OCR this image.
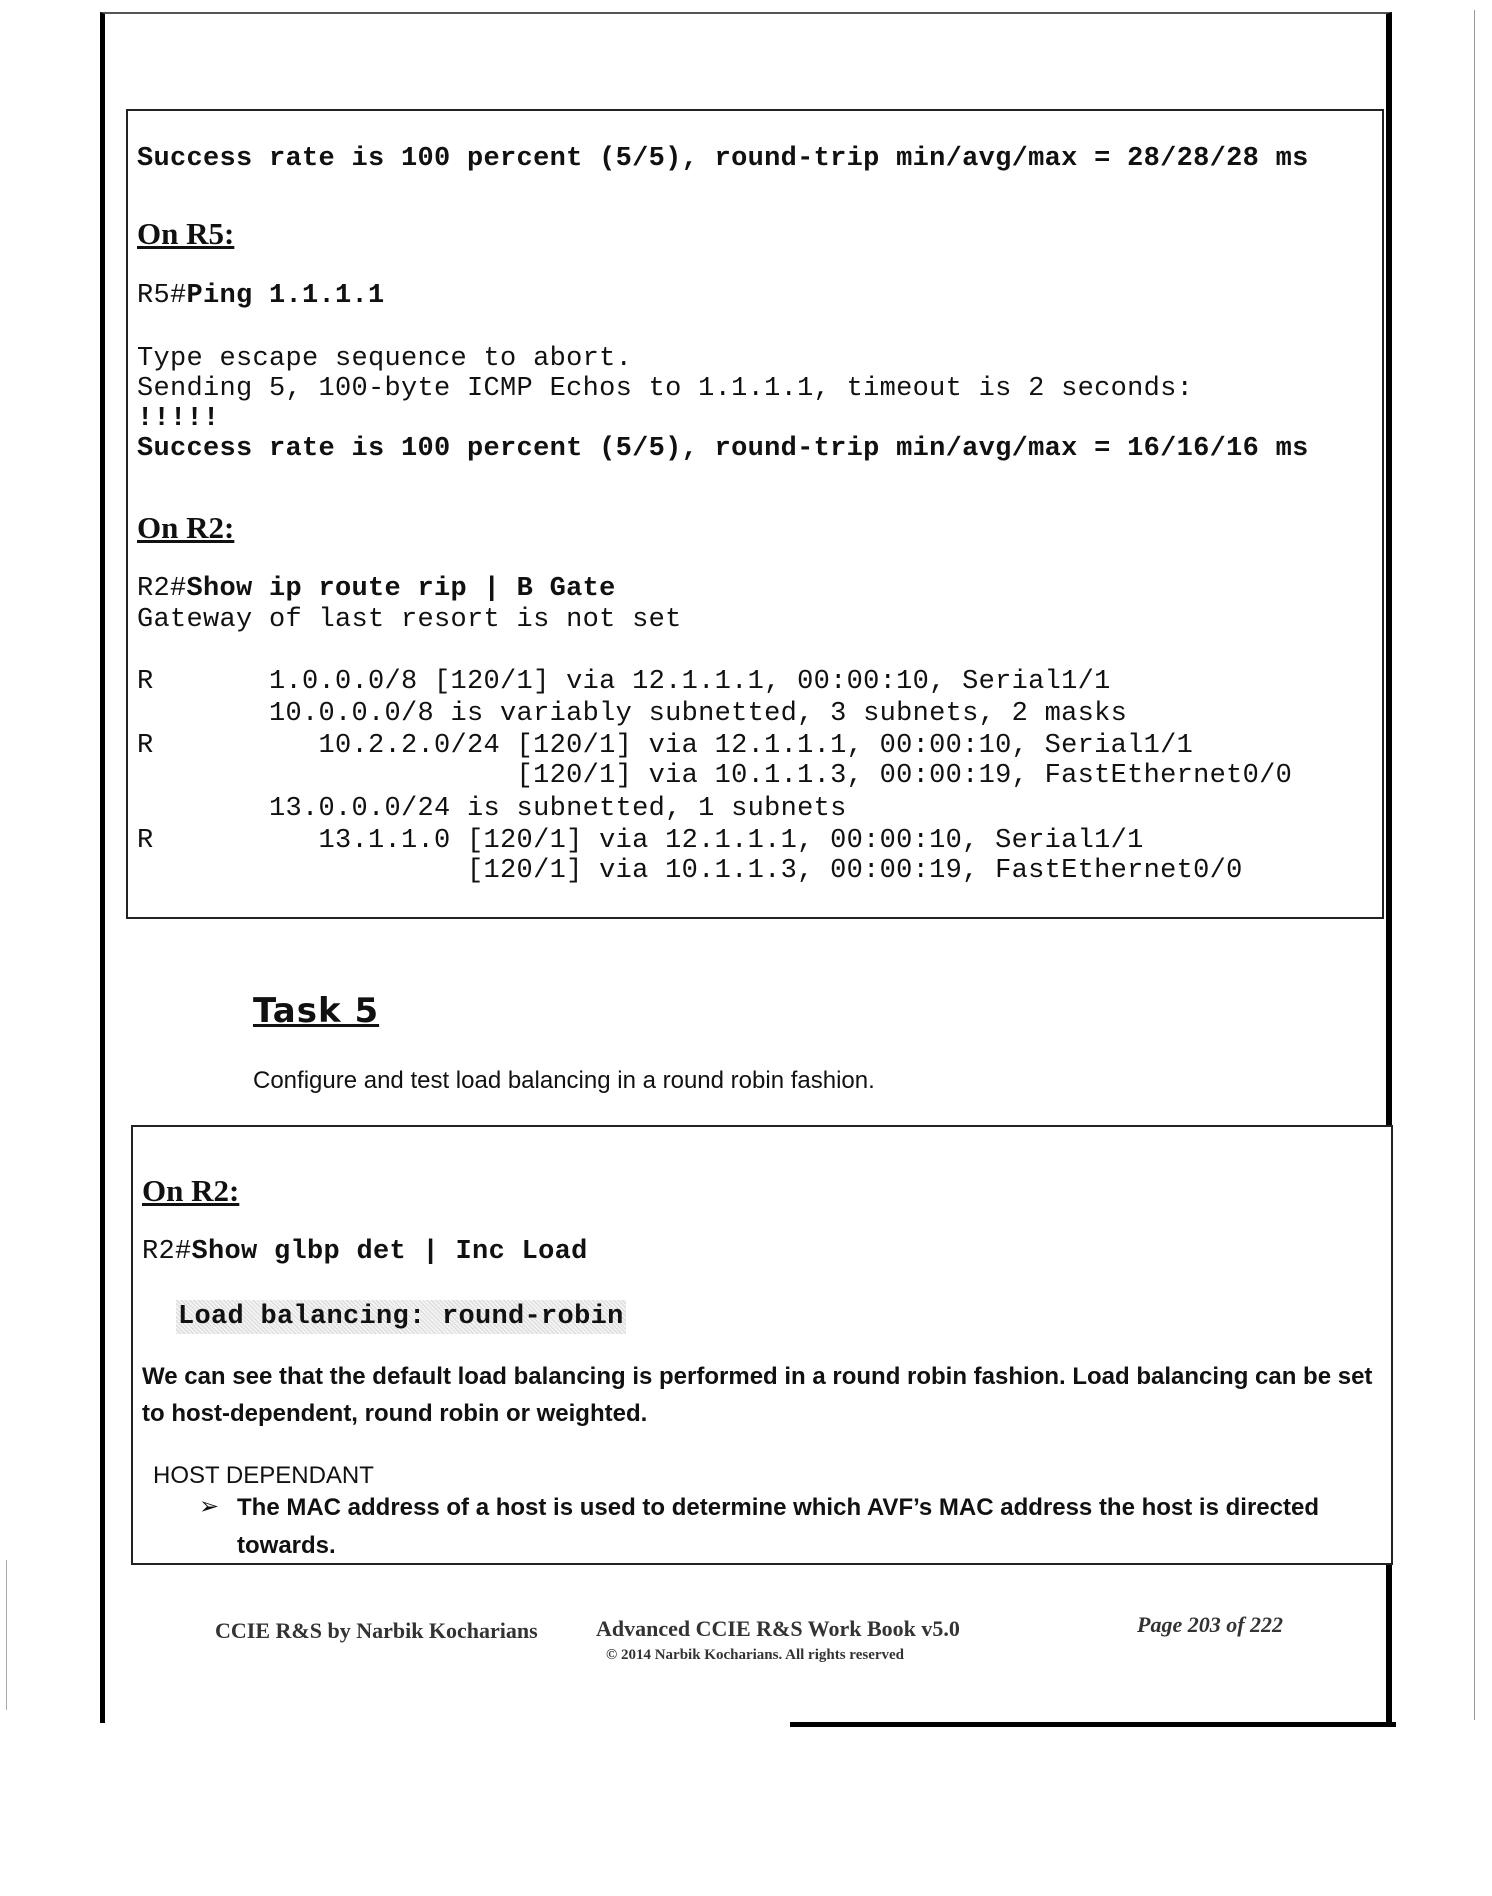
Success rate is 100 percent (5/5), round-trip min/avg/max = 28/28/28 ms
On R5:
R5#Ping 1.1.1.1
Type escape sequence to abort.
Sending 5, 100-byte ICMP Echos to 1.1.1.1, timeout is 2 seconds:
!!!!!
Success rate is 100 percent (5/5), round-trip min/avg/max = 16/16/16 ms
On R2:
R2#Show ip route rip | B Gate
Gateway of last resort is not set
R       1.0.0.0/8 [120/1] via 12.1.1.1, 00:00:10, Serial1/1
10.0.0.0/8 is variably subnetted, 3 subnets, 2 masks
R          10.2.2.0/24 [120/1] via 12.1.1.1, 00:00:10, Serial1/1
[120/1] via 10.1.1.3, 00:00:19, FastEthernet0/0
13.0.0.0/24 is subnetted, 1 subnets
R          13.1.1.0 [120/1] via 12.1.1.1, 00:00:10, Serial1/1
[120/1] via 10.1.1.3, 00:00:19, FastEthernet0/0
Task 5
Configure and test load balancing in a round robin fashion.
On R2:
R2#Show glbp det | Inc Load
Load balancing: round-robin
We can see that the default load balancing is performed in a round robin fashion. Load balancing can be set
to host-dependent, round robin or weighted.
HOST DEPENDANT
➢ The MAC address of a host is used to determine which AVF’s MAC address the host is directed
towards.
CCIE R&S by Narbik Kocharians	Advanced CCIE R&S Work Book v5.0
© 2014 Narbik Kocharians. All rights reserved
Page 203 of 222
